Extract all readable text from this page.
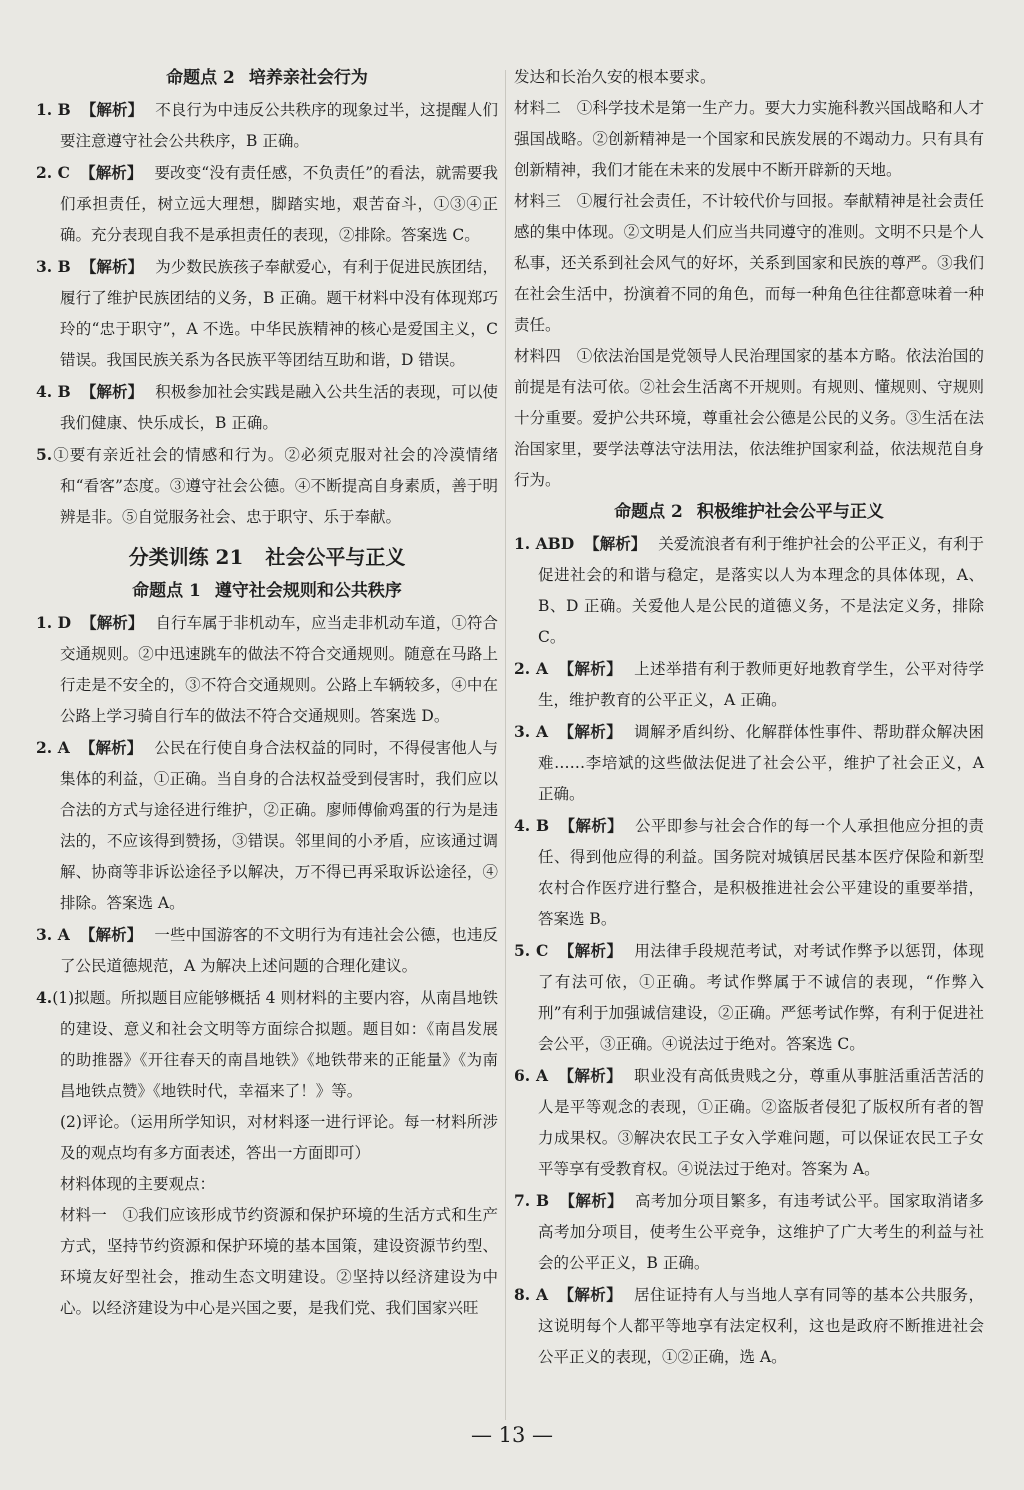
命题点 2 培养亲社会行为

1. B 【解析】 不良行为中违反公共秩序的现象过半，这提醒人们要注意遵守社会公共秩序，B 正确。

2. C 【解析】 要改变“没有责任感，不负责任”的看法，就需要我们承担责任，树立远大理想，脚踏实地，艰苦奋斗，①③④正确。充分表现自我不是承担责任的表现，②排除。答案选 C。

3. B 【解析】 为少数民族孩子奉献爱心，有利于促进民族团结，履行了维护民族团结的义务，B 正确。题干材料中没有体现郑巧玲的“忠于职守”，A 不选。中华民族精神的核心是爱国主义，C 错误。我国民族关系为各民族平等团结互助和谐，D 错误。

4. B 【解析】 积极参加社会实践是融入公共生活的表现，可以使我们健康、快乐成长，B 正确。

5.①要有亲近社会的情感和行为。②必须克服对社会的冷漠情绪和“看客”态度。③遵守社会公德。④不断提高自身素质，善于明辨是非。⑤自觉服务社会、忠于职守、乐于奉献。

分类训练 21 社会公平与正义

命题点 1 遵守社会规则和公共秩序

1. D 【解析】 自行车属于非机动车，应当走非机动车道，①符合交通规则。②中迅速跳车的做法不符合交通规则。随意在马路上行走是不安全的，③不符合交通规则。公路上车辆较多，④中在公路上学习骑自行车的做法不符合交通规则。答案选 D。

2. A 【解析】 公民在行使自身合法权益的同时，不得侵害他人与集体的利益，①正确。当自身的合法权益受到侵害时，我们应以合法的方式与途径进行维护，②正确。廖师傅偷鸡蛋的行为是违法的，不应该得到赞扬，③错误。邻里间的小矛盾，应该通过调解、协商等非诉讼途径予以解决，万不得已再采取诉讼途径，④排除。答案选 A。

3. A 【解析】 一些中国游客的不文明行为有违社会公德，也违反了公民道德规范，A 为解决上述问题的合理化建议。

4.(1)拟题。所拟题目应能够概括 4 则材料的主要内容，从南昌地铁的建设、意义和社会文明等方面综合拟题。题目如：《南昌发展的助推器》《开往春天的南昌地铁》《地铁带来的正能量》《为南昌地铁点赞》《地铁时代，幸福来了！》等。

(2)评论。（运用所学知识，对材料逐一进行评论。每一材料所涉及的观点均有多方面表述，答出一方面即可）

材料体现的主要观点：

材料一　①我们应该形成节约资源和保护环境的生活方式和生产方式，坚持节约资源和保护环境的基本国策，建设资源节约型、环境友好型社会，推动生态文明建设。②坚持以经济建设为中心。以经济建设为中心是兴国之要，是我们党、我们国家兴旺

发达和长治久安的根本要求。

材料二　①科学技术是第一生产力。要大力实施科教兴国战略和人才强国战略。②创新精神是一个国家和民族发展的不竭动力。只有具有创新精神，我们才能在未来的发展中不断开辟新的天地。

材料三　①履行社会责任，不计较代价与回报。奉献精神是社会责任感的集中体现。②文明是人们应当共同遵守的准则。文明不只是个人私事，还关系到社会风气的好坏，关系到国家和民族的尊严。③我们在社会生活中，扮演着不同的角色，而每一种角色往往都意味着一种责任。

材料四　①依法治国是党领导人民治理国家的基本方略。依法治国的前提是有法可依。②社会生活离不开规则。有规则、懂规则、守规则十分重要。爱护公共环境，尊重社会公德是公民的义务。③生活在法治国家里，要学法尊法守法用法，依法维护国家利益，依法规范自身行为。

命题点 2 积极维护社会公平与正义

1. ABD 【解析】 关爱流浪者有利于维护社会的公平正义，有利于促进社会的和谐与稳定，是落实以人为本理念的具体体现，A、B、D 正确。关爱他人是公民的道德义务，不是法定义务，排除 C。

2. A 【解析】 上述举措有利于教师更好地教育学生，公平对待学生，维护教育的公平正义，A 正确。

3. A 【解析】 调解矛盾纠纷、化解群体性事件、帮助群众解决困难……李培斌的这些做法促进了社会公平，维护了社会正义，A 正确。

4. B 【解析】 公平即参与社会合作的每一个人承担他应分担的责任、得到他应得的利益。国务院对城镇居民基本医疗保险和新型农村合作医疗进行整合，是积极推进社会公平建设的重要举措，答案选 B。

5. C 【解析】 用法律手段规范考试，对考试作弊予以惩罚，体现了有法可依，①正确。考试作弊属于不诚信的表现，“作弊入刑”有利于加强诚信建设，②正确。严惩考试作弊，有利于促进社会公平，③正确。④说法过于绝对。答案选 C。

6. A 【解析】 职业没有高低贵贱之分，尊重从事脏活重活苦活的人是平等观念的表现，①正确。②盗版者侵犯了版权所有者的智力成果权。③解决农民工子女入学难问题，可以保证农民工子女平等享有受教育权。④说法过于绝对。答案为 A。

7. B 【解析】 高考加分项目繁多，有违考试公平。国家取消诸多高考加分项目，使考生公平竞争，这维护了广大考生的利益与社会的公平正义，B 正确。

8. A 【解析】 居住证持有人与当地人享有同等的基本公共服务，这说明每个人都平等地享有法定权利，这也是政府不断推进社会公平正义的表现，①②正确，选 A。

— 13 —
